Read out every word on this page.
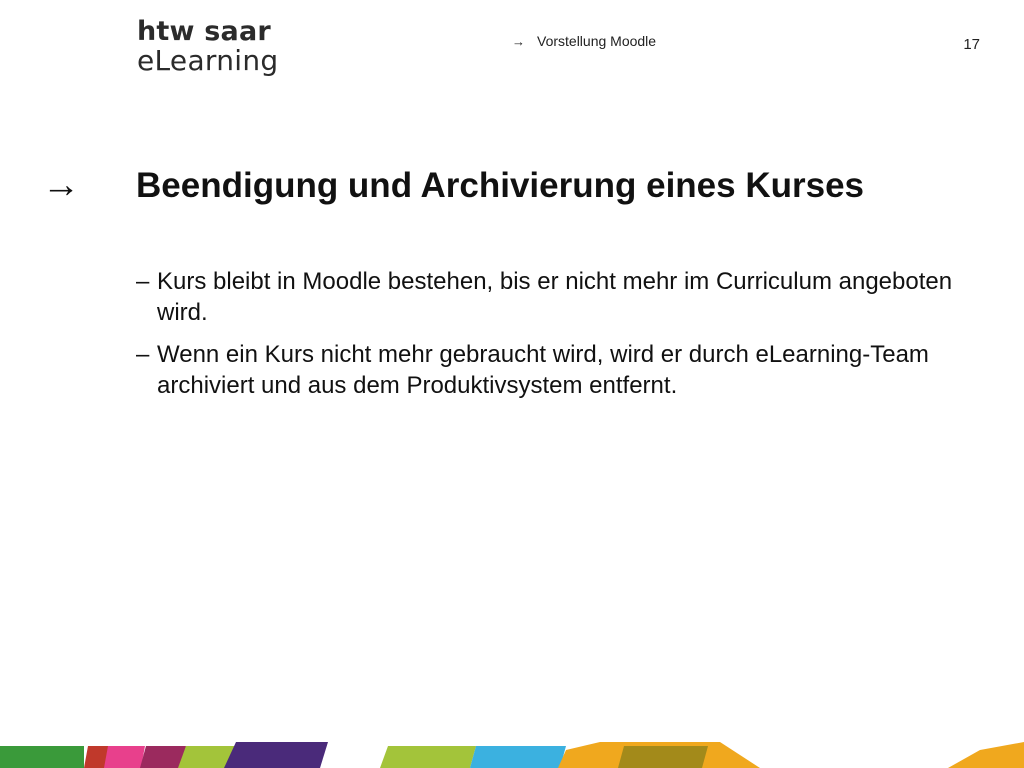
htw saar
eLearning
→ Vorstellung Moodle	17
→ Beendigung und Archivierung eines Kurses
– Kurs bleibt in Moodle bestehen, bis er nicht mehr im Curriculum angeboten wird.
– Wenn ein Kurs nicht mehr gebraucht wird, wird er durch eLearning-Team archiviert und aus dem Produktivsystem entfernt.
